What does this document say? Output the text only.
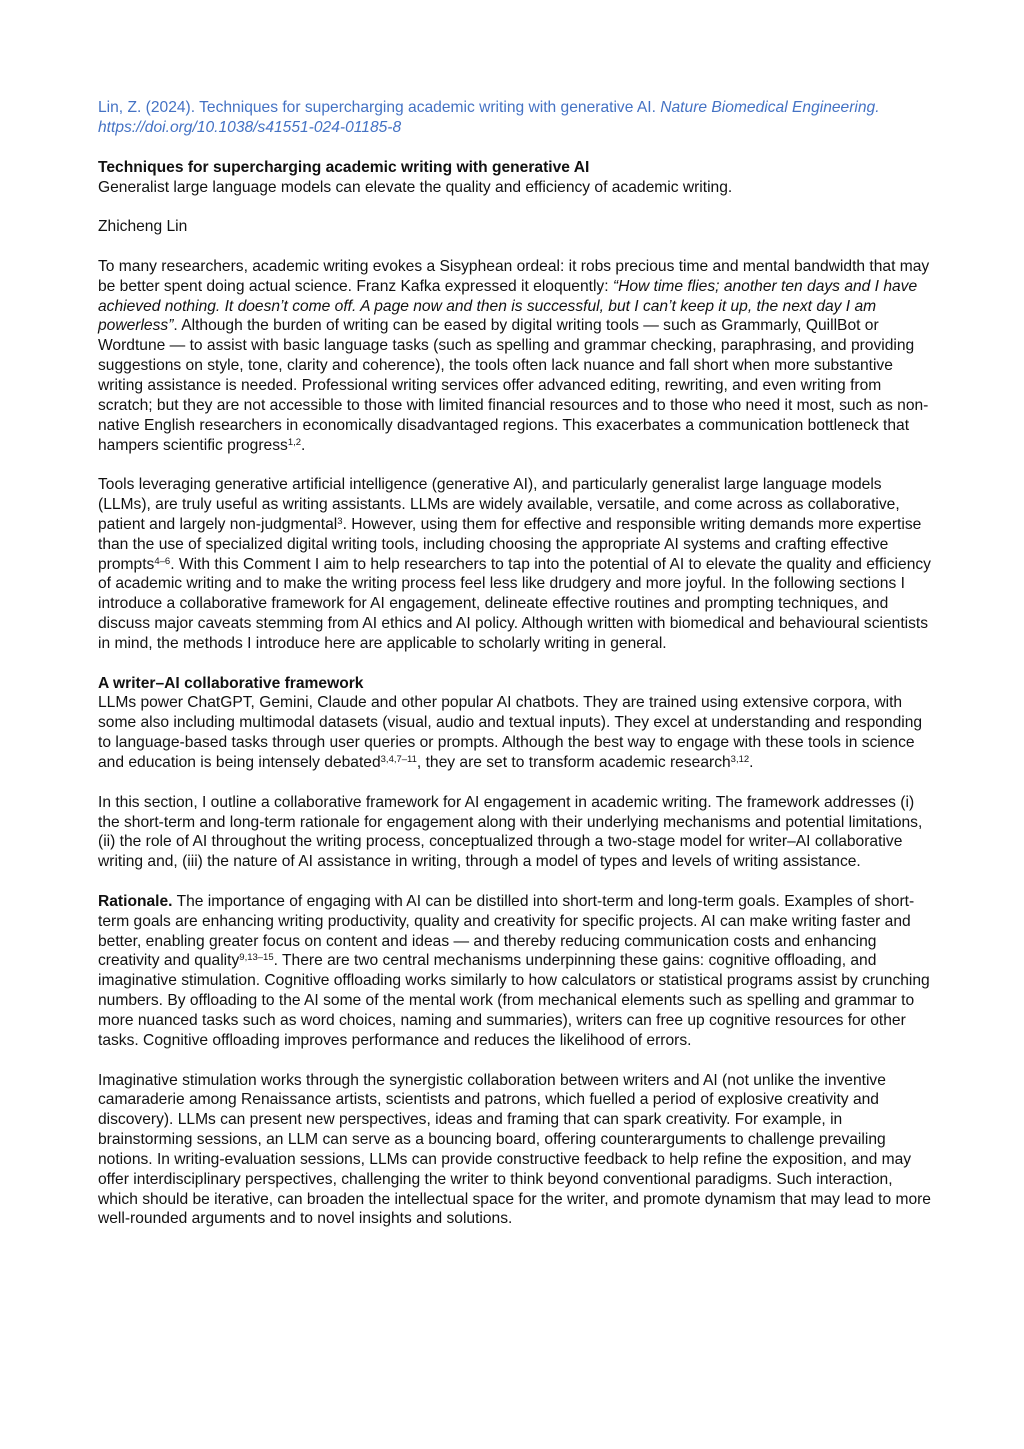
Lin, Z. (2024). Techniques for supercharging academic writing with generative AI. Nature Biomedical Engineering. https://doi.org/10.1038/s41551-024-01185-8

Techniques for supercharging academic writing with generative AI

Generalist large language models can elevate the quality and efficiency of academic writing.

Zhicheng Lin

To many researchers, academic writing evokes a Sisyphean ordeal: it robs precious time and mental bandwidth that may be better spent doing actual science. Franz Kafka expressed it eloquently: “How time flies; another ten days and I have achieved nothing. It doesn’t come off. A page now and then is successful, but I can’t keep it up, the next day I am powerless”. Although the burden of writing can be eased by digital writing tools — such as Grammarly, QuillBot or Wordtune — to assist with basic language tasks (such as spelling and grammar checking, paraphrasing, and providing suggestions on style, tone, clarity and coherence), the tools often lack nuance and fall short when more substantive writing assistance is needed. Professional writing services offer advanced editing, rewriting, and even writing from scratch; but they are not accessible to those with limited financial resources and to those who need it most, such as non-native English researchers in economically disadvantaged regions. This exacerbates a communication bottleneck that hampers scientific progress$^{1,2}$.

Tools leveraging generative artificial intelligence (generative AI), and particularly generalist large language models (LLMs), are truly useful as writing assistants. LLMs are widely available, versatile, and come across as collaborative, patient and largely non-judgmental$^3$. However, using them for effective and responsible writing demands more expertise than the use of specialized digital writing tools, including choosing the appropriate AI systems and crafting effective prompts$^{4-6}$. With this Comment I aim to help researchers to tap into the potential of AI to elevate the quality and efficiency of academic writing and to make the writing process feel less like drudgery and more joyful. In the following sections I introduce a collaborative framework for AI engagement, delineate effective routines and prompting techniques, and discuss major caveats stemming from AI ethics and AI policy. Although written with biomedical and behavioural scientists in mind, the methods I introduce here are applicable to scholarly writing in general.

A writer–AI collaborative framework

LLMs power ChatGPT, Gemini, Claude and other popular AI chatbots. They are trained using extensive corpora, with some also including multimodal datasets (visual, audio and textual inputs). They excel at understanding and responding to language-based tasks through user queries or prompts. Although the best way to engage with these tools in science and education is being intensely debated$^{3,4,7-11}$, they are set to transform academic research$^{3,12}$.

In this section, I outline a collaborative framework for AI engagement in academic writing. The framework addresses (i) the short-term and long-term rationale for engagement along with their underlying mechanisms and potential limitations, (ii) the role of AI throughout the writing process, conceptualized through a two-stage model for writer–AI collaborative writing and, (iii) the nature of AI assistance in writing, through a model of types and levels of writing assistance.

Rationale. The importance of engaging with AI can be distilled into short-term and long-term goals. Examples of short-term goals are enhancing writing productivity, quality and creativity for specific projects. AI can make writing faster and better, enabling greater focus on content and ideas — and thereby reducing communication costs and enhancing creativity and quality$^{9,13-15}$. There are two central mechanisms underpinning these gains: cognitive offloading, and imaginative stimulation. Cognitive offloading works similarly to how calculators or statistical programs assist by crunching numbers. By offloading to the AI some of the mental work (from mechanical elements such as spelling and grammar to more nuanced tasks such as word choices, naming and summaries), writers can free up cognitive resources for other tasks. Cognitive offloading improves performance and reduces the likelihood of errors.

Imaginative stimulation works through the synergistic collaboration between writers and AI (not unlike the inventive camaraderie among Renaissance artists, scientists and patrons, which fuelled a period of explosive creativity and discovery). LLMs can present new perspectives, ideas and framing that can spark creativity. For example, in brainstorming sessions, an LLM can serve as a bouncing board, offering counterarguments to challenge prevailing notions. In writing-evaluation sessions, LLMs can provide constructive feedback to help refine the exposition, and may offer interdisciplinary perspectives, challenging the writer to think beyond conventional paradigms. Such interaction, which should be iterative, can broaden the intellectual space for the writer, and promote dynamism that may lead to more well-rounded arguments and to novel insights and solutions.
